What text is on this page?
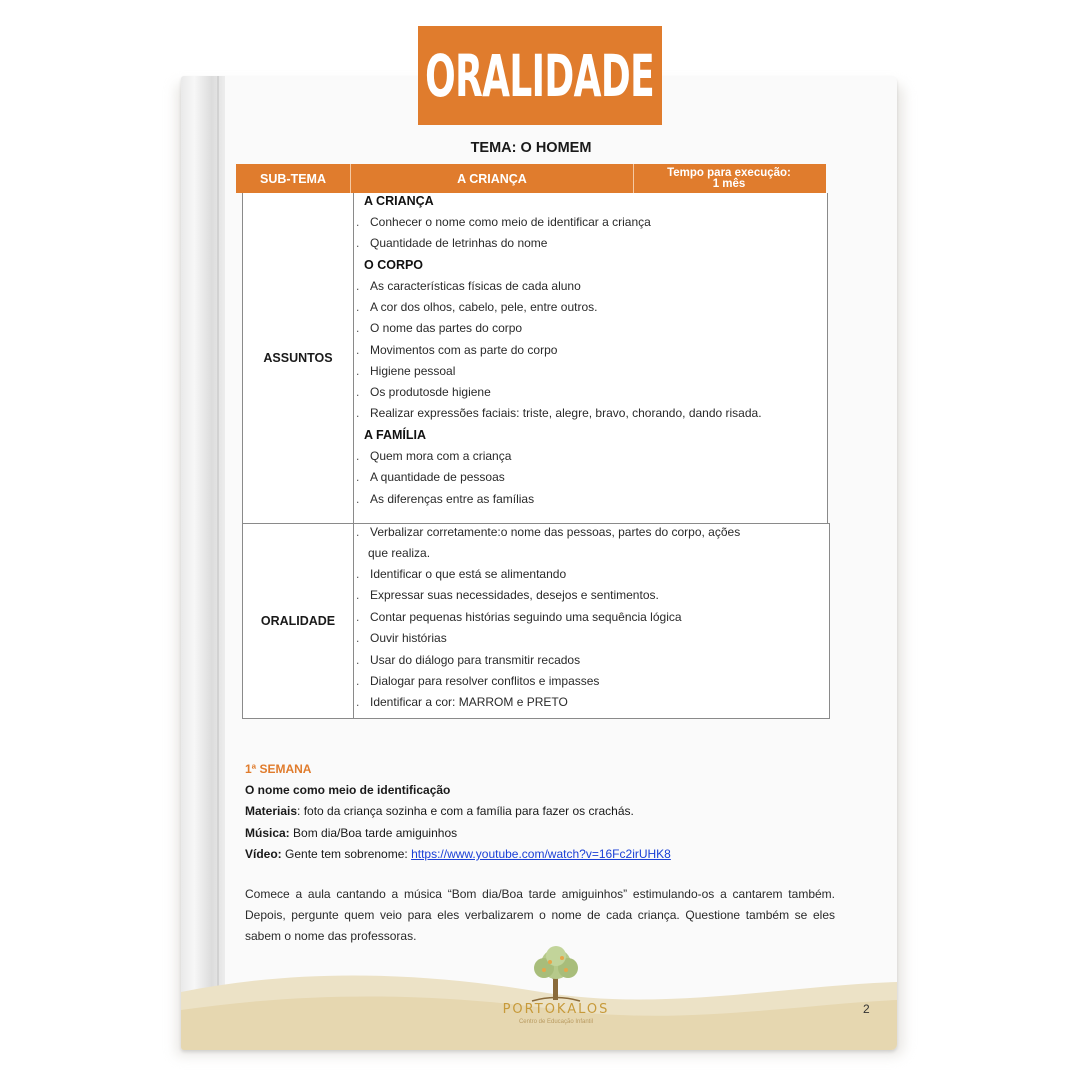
ORALIDADE
TEMA: O HOMEM
SUB-TEMA	A CRIANÇA	Tempo para execução:
1 mês
ASSUNTOS
A CRIANÇA
. Conhecer o nome como meio de identificar a criança
. Quantidade de letrinhas do nome
O CORPO
. As características físicas de cada aluno
. A cor dos olhos, cabelo, pele, entre outros.
. O nome das partes do corpo
. Movimentos com as parte do corpo
. Higiene pessoal
. Os produtosde higiene
. Realizar expressões faciais: triste, alegre, bravo, chorando, dando risada.
A FAMÍLIA
. Quem mora com a criança
. A quantidade de pessoas
. As diferenças entre as famílias
ORALIDADE
. Verbalizar corretamente:o nome das pessoas, partes do corpo, ações
que realiza.
. Identificar o que está se alimentando
. Expressar suas necessidades, desejos e sentimentos.
. Contar pequenas histórias seguindo uma sequência lógica
. Ouvir histórias
. Usar do diálogo para transmitir recados
. Dialogar para resolver conflitos e impasses
. Identificar a cor: MARROM e PRETO
1ª SEMANA
O nome como meio de identificação
Materiais: foto da criança sozinha e com a família para fazer os crachás.
Música: Bom dia/Boa tarde amiguinhos
Vídeo: Gente tem sobrenome: https://www.youtube.com/watch?v=16Fc2irUHK8
Comece a aula cantando a música “Bom dia/Boa tarde amiguinhos” estimulando-os a cantarem também. Depois, pergunte quem veio para eles verbalizarem o nome de cada criança. Questione também se eles sabem o nome das professoras.
PORTOKALOS
Centro de Educação Infantil
2
